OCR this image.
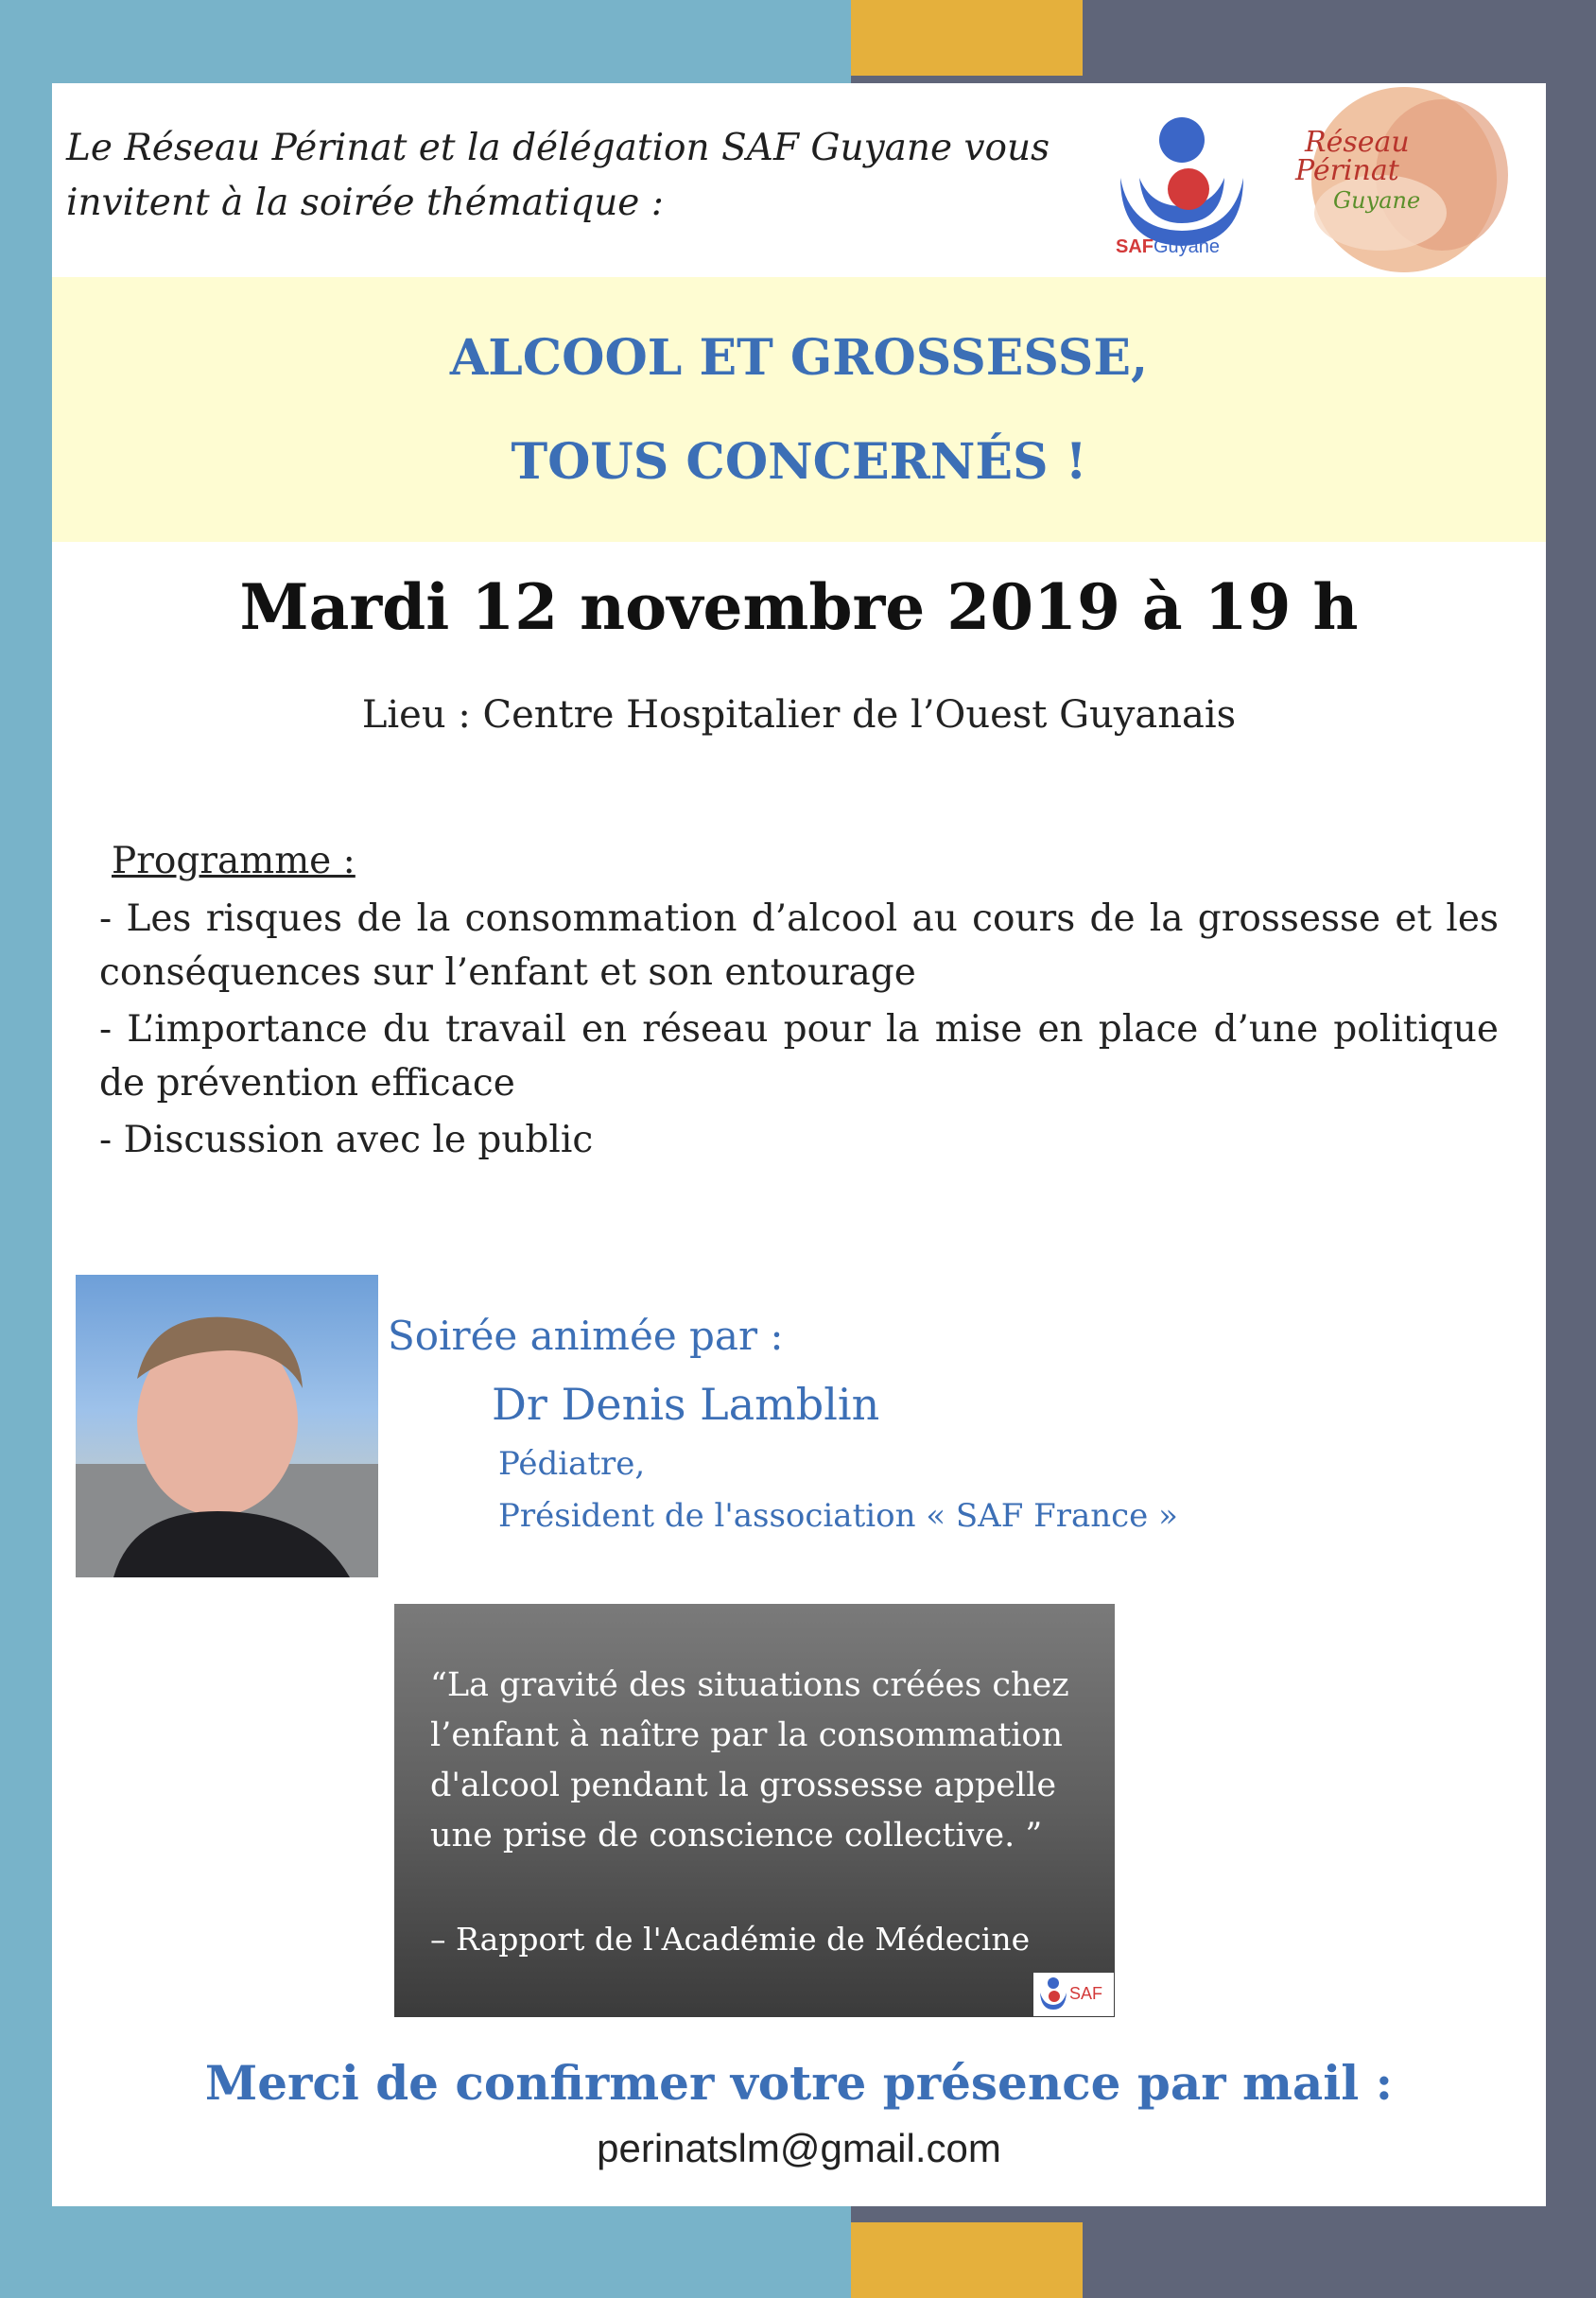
Le Réseau Périnat et la délégation SAF Guyane vous
invitent à la soirée thématique :
SAFGuyane
Réseau
Périnat
Guyane
ALCOOL ET GROSSESSE,
TOUS CONCERNÉS !
Mardi 12 novembre 2019 à 19 h
Lieu : Centre Hospitalier de l’Ouest Guyanais
Programme :
- Les risques de la consommation d’alcool au cours de la grossesse et les conséquences sur l’enfant et son entourage
- L’importance du travail en réseau pour la mise en place d’une politique de prévention efficace
- Discussion avec le public
Soirée animée par :
Dr Denis Lamblin
Pédiatre,
Président de l'association « SAF France »
“La gravité des situations créées chez
l’enfant à naître par la consommation
d'alcool pendant la grossesse appelle
une prise de conscience collective. ”
– Rapport de l'Académie de Médecine
SAF
Merci de confirmer votre présence par mail :
perinatslm@gmail.com
